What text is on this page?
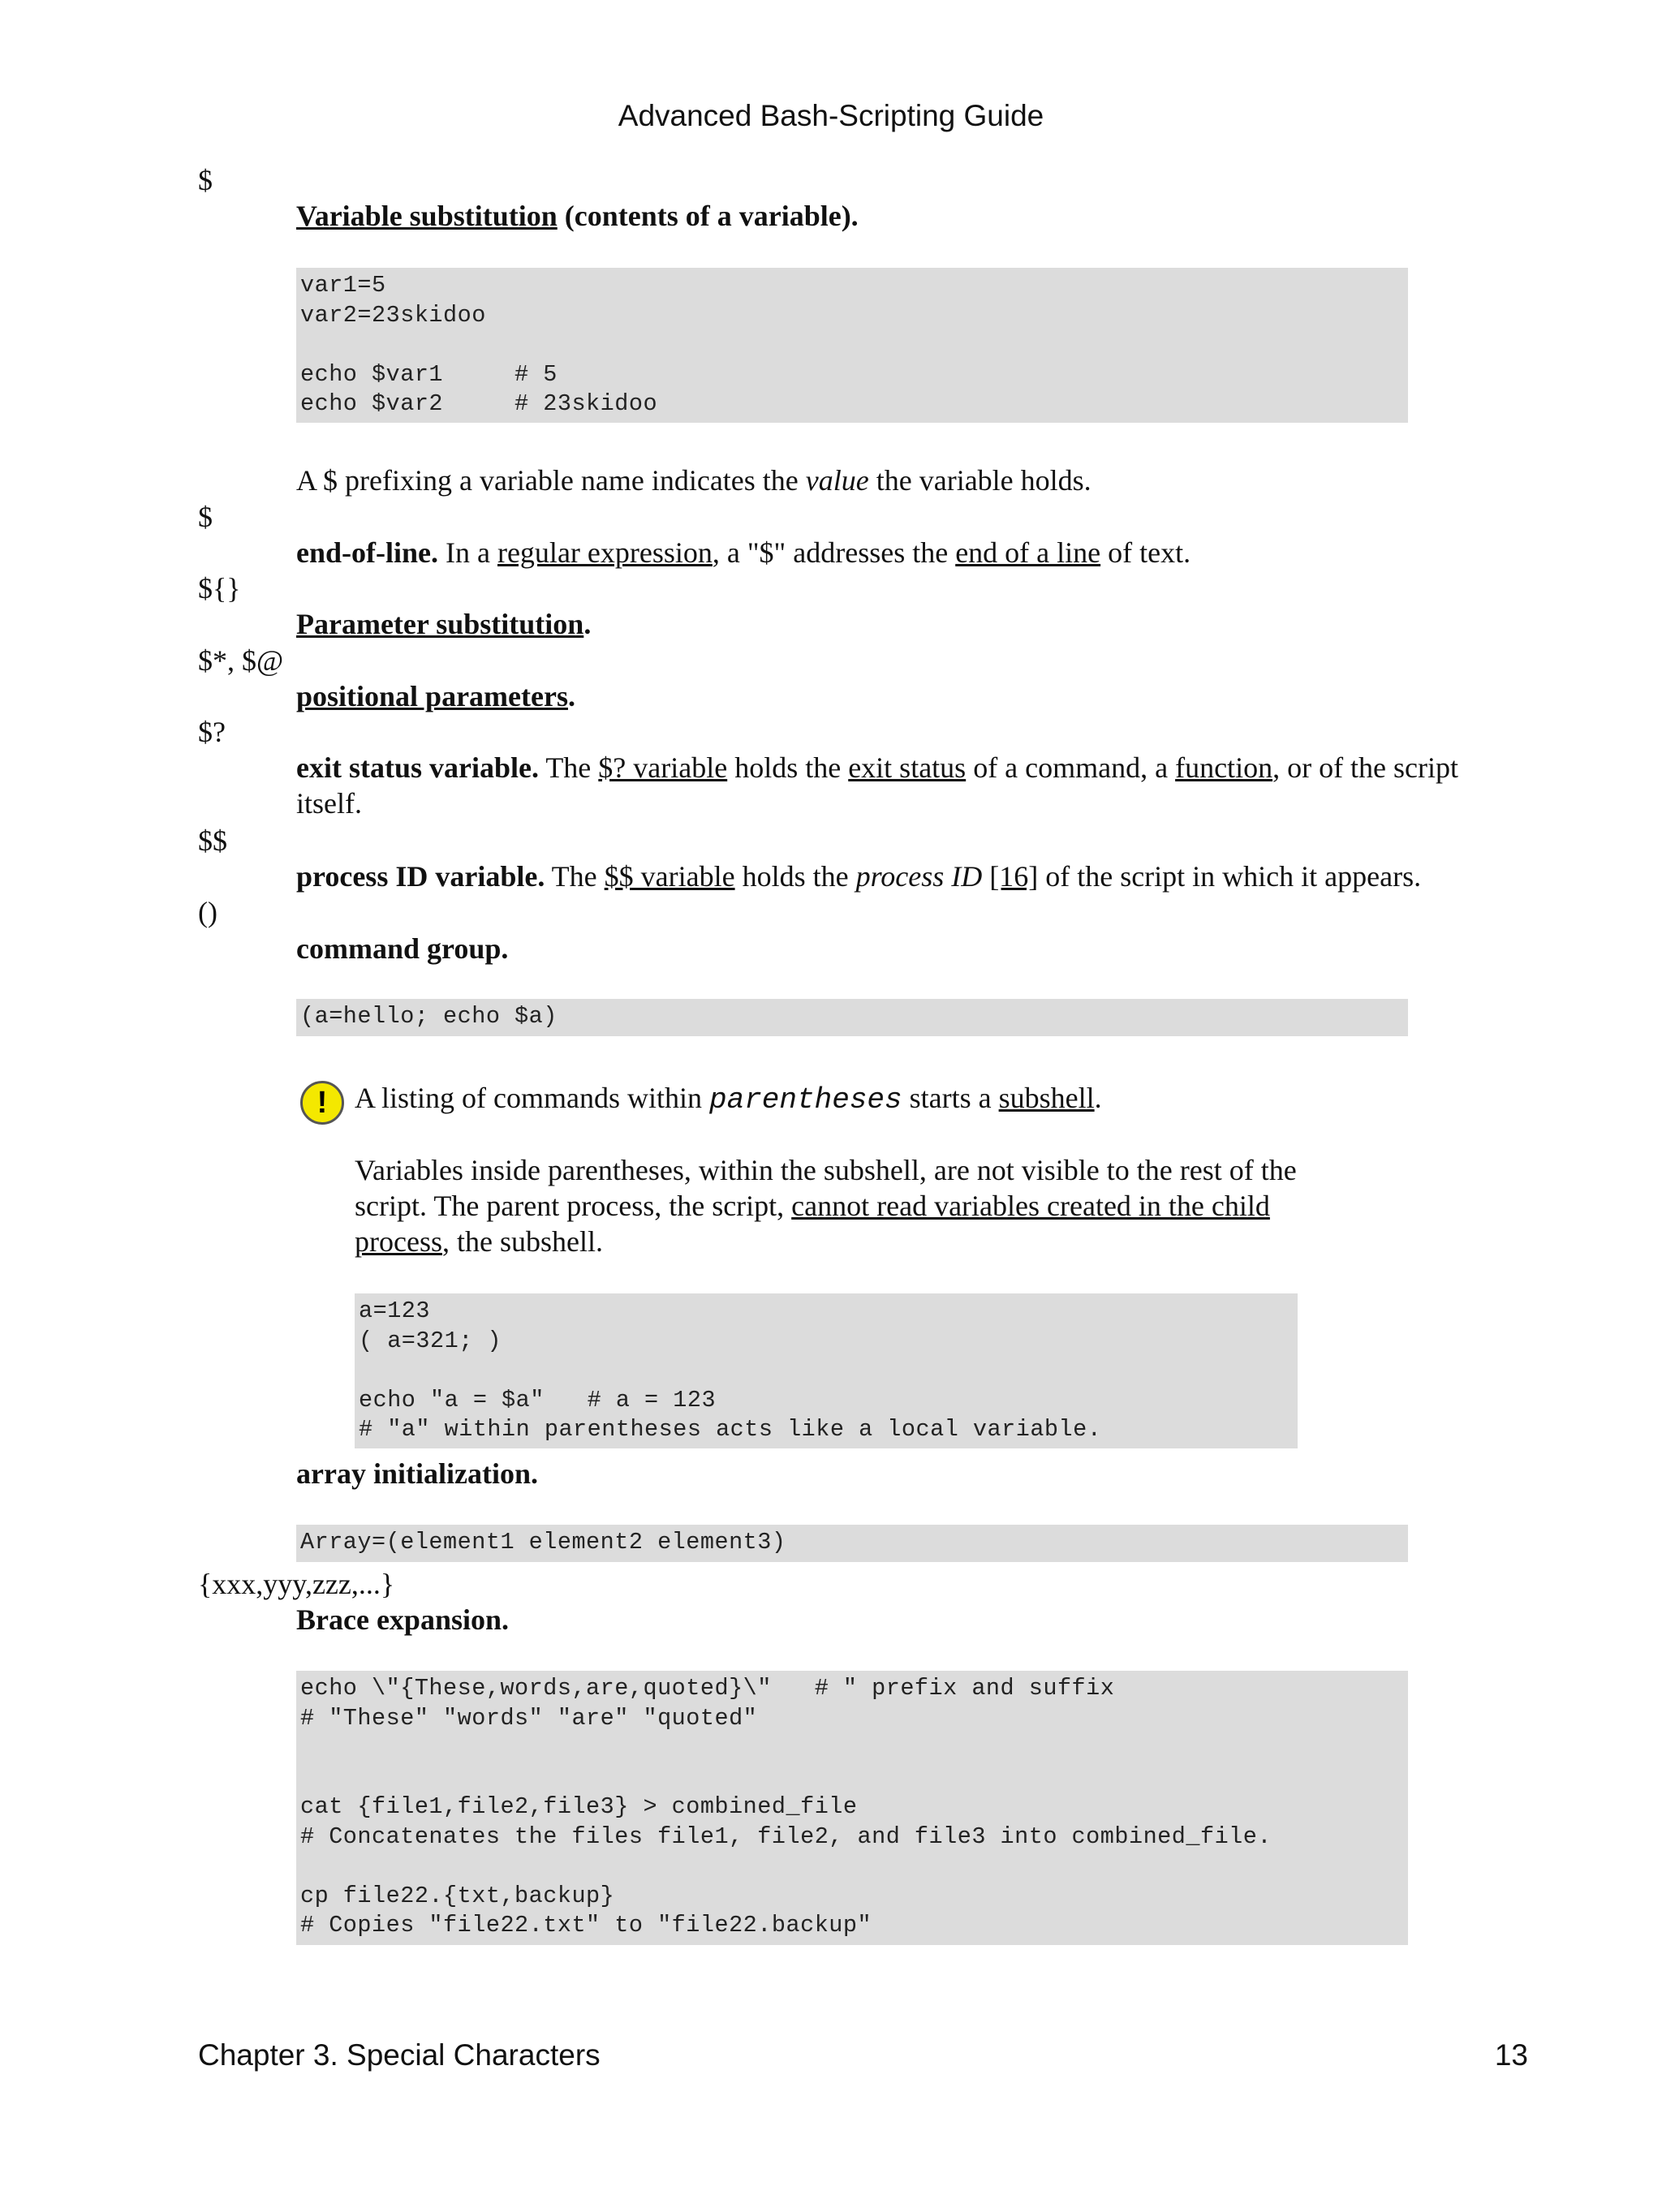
Advanced Bash-Scripting Guide
$
Variable substitution (contents of a variable).
var1=5
var2=23skidoo

echo $var1     # 5
echo $var2     # 23skidoo
A $ prefixing a variable name indicates the value the variable holds.
$
end-of-line. In a regular expression, a "$" addresses the end of a line of text.
${}
Parameter substitution.
$*, $@
positional parameters.
$?
exit status variable. The $? variable holds the exit status of a command, a function, or of the script itself.
$$
process ID variable. The $$ variable holds the process ID [16] of the script in which it appears.
()
command group.
(a=hello; echo $a)
! A listing of commands within parentheses starts a subshell.
Variables inside parentheses, within the subshell, are not visible to the rest of the script. The parent process, the script, cannot read variables created in the child process, the subshell.
a=123
( a=321; )

echo "a = $a"   # a = 123
# "a" within parentheses acts like a local variable.
array initialization.
Array=(element1 element2 element3)
{xxx,yyy,zzz,...}
Brace expansion.
echo \"{These,words,are,quoted}\"   # " prefix and suffix
# "These" "words" "are" "quoted"

cat {file1,file2,file3} > combined_file
# Concatenates the files file1, file2, and file3 into combined_file.

cp file22.{txt,backup}
# Copies "file22.txt" to "file22.backup"
Chapter 3. Special Characters	13
